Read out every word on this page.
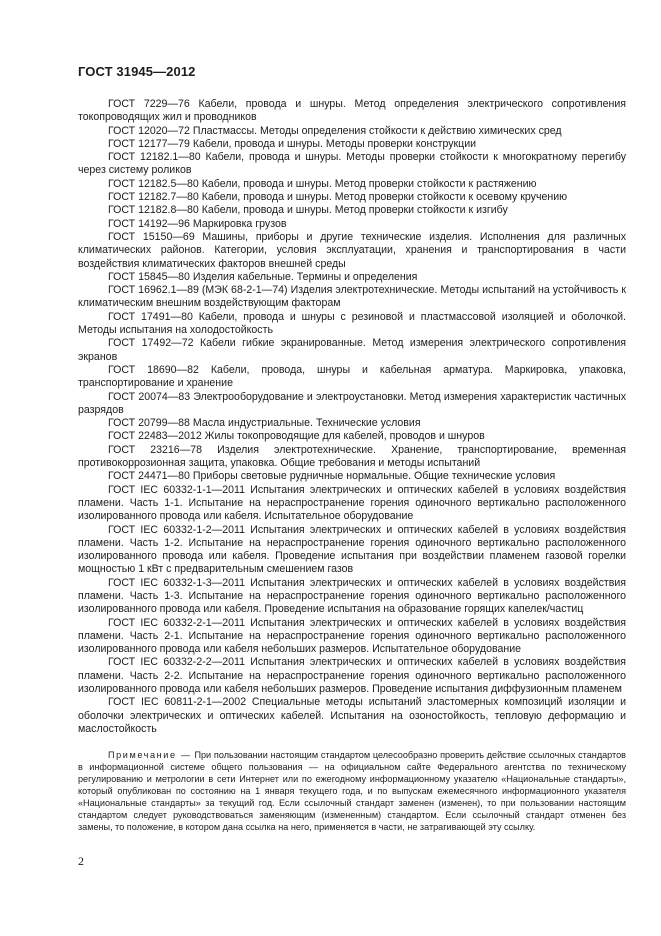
ГОСТ 31945—2012

ГОСТ 7229—76 Кабели, провода и шнуры. Метод определения электрического сопротивления токопроводящих жил и проводников

ГОСТ 12020—72 Пластмассы. Методы определения стойкости к действию химических сред

ГОСТ 12177—79 Кабели, провода и шнуры. Методы проверки конструкции

ГОСТ 12182.1—80 Кабели, провода и шнуры. Методы проверки стойкости к многократному перегибу через систему роликов

ГОСТ 12182.5—80 Кабели, провода и шнуры. Метод проверки стойкости к растяжению

ГОСТ 12182.7—80 Кабели, провода и шнуры. Метод проверки стойкости к осевому кручению

ГОСТ 12182.8—80 Кабели, провода и шнуры. Метод проверки стойкости к изгибу

ГОСТ 14192—96 Маркировка грузов

ГОСТ 15150—69 Машины, приборы и другие технические изделия. Исполнения для различных климатических районов. Категории, условия эксплуатации, хранения и транспортирования в части воздействия климатических факторов внешней среды

ГОСТ 15845—80 Изделия кабельные. Термины и определения

ГОСТ 16962.1—89 (МЭК 68-2-1—74) Изделия электротехнические. Методы испытаний на устойчивость к климатическим внешним воздействующим факторам

ГОСТ 17491—80 Кабели, провода и шнуры с резиновой и пластмассовой изоляцией и оболочкой. Методы испытания на холодостойкость

ГОСТ 17492—72 Кабели гибкие экранированные. Метод измерения электрического сопротивления экранов

ГОСТ 18690—82 Кабели, провода, шнуры и кабельная арматура. Маркировка, упаковка, транспортирование и хранение

ГОСТ 20074—83 Электрооборудование и электроустановки. Метод измерения характеристик частичных разрядов

ГОСТ 20799—88 Масла индустриальные. Технические условия

ГОСТ 22483—2012 Жилы токопроводящие для кабелей, проводов и шнуров

ГОСТ 23216—78 Изделия электротехнические. Хранение, транспортирование, временная противокоррозионная защита, упаковка. Общие требования и методы испытаний

ГОСТ 24471—80 Приборы световые рудничные нормальные. Общие технические условия

ГОСТ IEC 60332-1-1—2011 Испытания электрических и оптических кабелей в условиях воздействия пламени. Часть 1-1. Испытание на нераспространение горения одиночного вертикально расположенного изолированного провода или кабеля. Испытательное оборудование

ГОСТ IEC 60332-1-2—2011 Испытания электрических и оптических кабелей в условиях воздействия пламени. Часть 1-2. Испытание на нераспространение горения одиночного вертикально расположенного изолированного провода или кабеля. Проведение испытания при воздействии пламенем газовой горелки мощностью 1 кВт с предварительным смешением газов

ГОСТ IEC 60332-1-3—2011 Испытания электрических и оптических кабелей в условиях воздействия пламени. Часть 1-3. Испытание на нераспространение горения одиночного вертикально расположенного изолированного провода или кабеля. Проведение испытания на образование горящих капелек/частиц

ГОСТ IEC 60332-2-1—2011 Испытания электрических и оптических кабелей в условиях воздействия пламени. Часть 2-1. Испытание на нераспространение горения одиночного вертикально расположенного изолированного провода или кабеля небольших размеров. Испытательное оборудование

ГОСТ IEC 60332-2-2—2011 Испытания электрических и оптических кабелей в условиях воздействия пламени. Часть 2-2. Испытание на нераспространение горения одиночного вертикально расположенного изолированного провода или кабеля небольших размеров. Проведение испытания диффузионным пламенем

ГОСТ IEC 60811-2-1—2002 Специальные методы испытаний эластомерных композиций изоляции и оболочки электрических и оптических кабелей. Испытания на озоностойкость, тепловую деформацию и маслостойкость

Примечание — При пользовании настоящим стандартом целесообразно проверить действие ссылочных стандартов в информационной системе общего пользования — на официальном сайте Федерального агентства по техническому регулированию и метрологии в сети Интернет или по ежегодному информационному указателю «Национальные стандарты», который опубликован по состоянию на 1 января текущего года, и по выпускам ежемесячного информационного указателя «Национальные стандарты» за текущий год. Если ссылочный стандарт заменен (изменен), то при пользовании настоящим стандартом следует руководствоваться заменяющим (измененным) стандартом. Если ссылочный стандарт отменен без замены, то положение, в котором дана ссылка на него, применяется в части, не затрагивающей эту ссылку.

2
